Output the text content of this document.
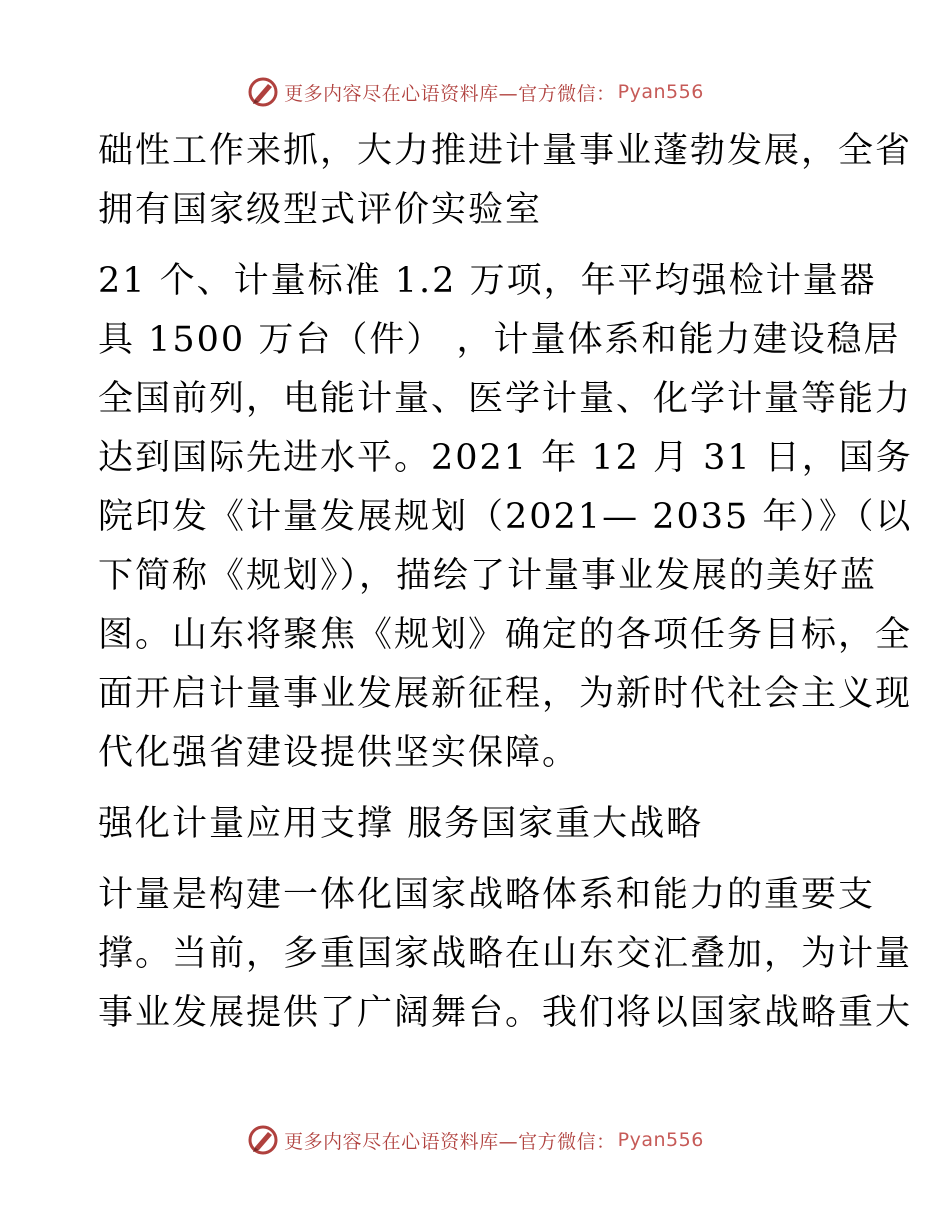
更多内容尽在心语资料库—官方微信： Pyan556
础性工作来抓，大力推进计量事业蓬勃发展，全省
拥有国家级型式评价实验室
21 个、计量标准 1.2 万项，年平均强检计量器
具 1500 万台（件） ，计量体系和能力建设稳居
全国前列，电能计量、医学计量、化学计量等能力
达到国际先进水平。2021 年 12 月 31 日，国务
院印发《计量发展规划（2021— 2035 年）》（以
下简称《规划》），描绘了计量事业发展的美好蓝
图。山东将聚焦《规划》确定的各项任务目标，全
面开启计量事业发展新征程，为新时代社会主义现
代化强省建设提供坚实保障。
强化计量应用支撑 服务国家重大战略
计量是构建一体化国家战略体系和能力的重要支
撑。当前，多重国家战略在山东交汇叠加，为计量
事业发展提供了广阔舞台。我们将以国家战略重大
更多内容尽在心语资料库—官方微信： Pyan556
